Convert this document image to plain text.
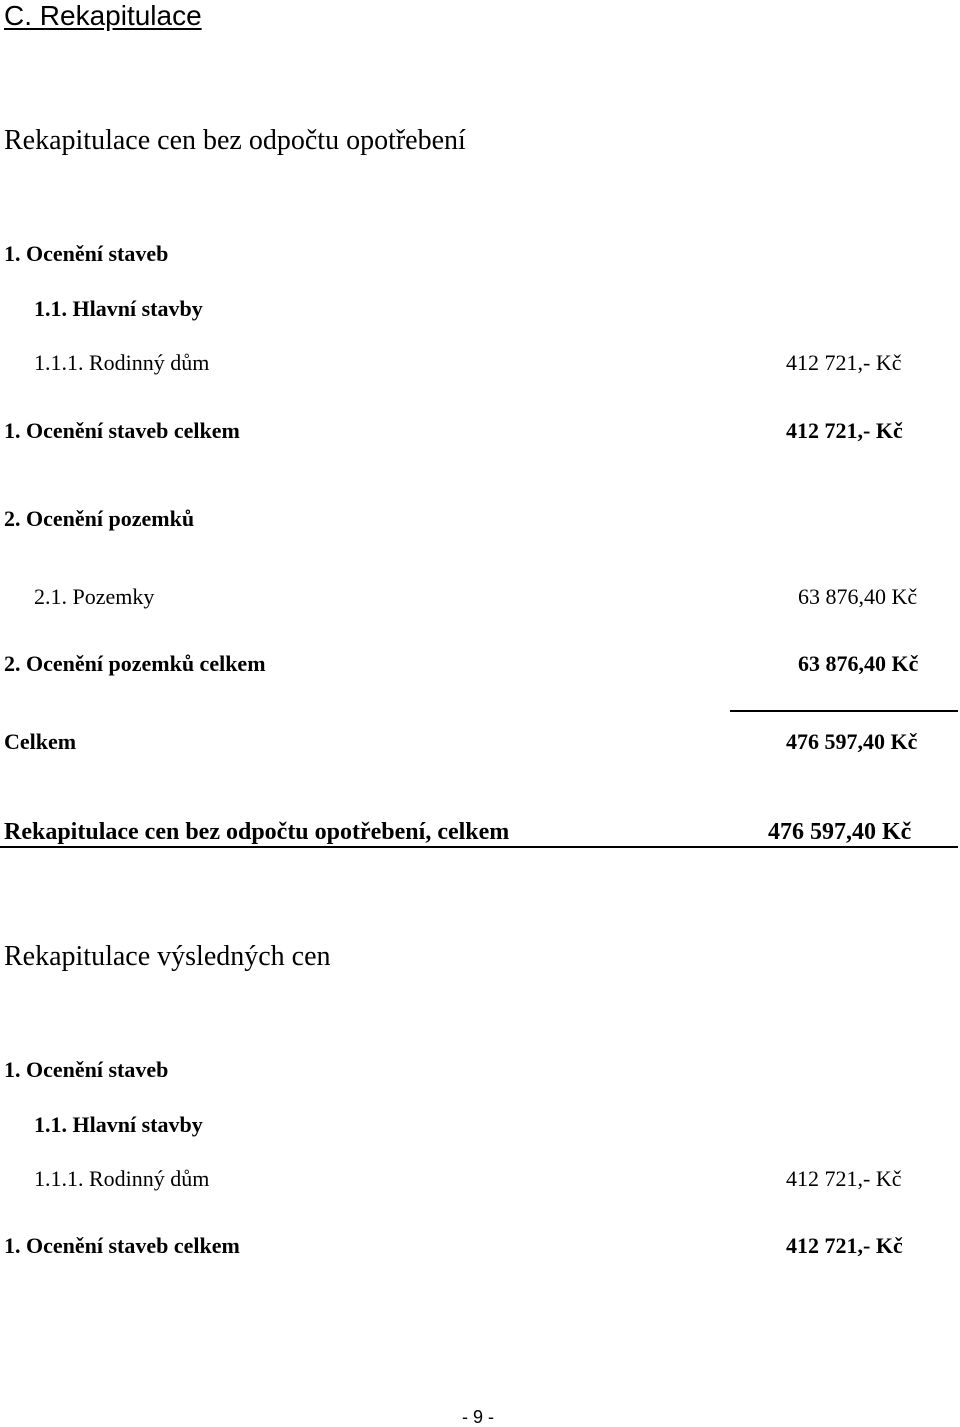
C. Rekapitulace
Rekapitulace cen bez odpočtu opotřebení
1. Ocenění staveb
1.1. Hlavní stavby
1.1.1. Rodinný dům	412 721,- Kč
1. Ocenění staveb celkem	412 721,- Kč
2. Ocenění pozemků
2.1. Pozemky	63 876,40 Kč
2. Ocenění pozemků celkem	63 876,40 Kč
Celkem	476 597,40 Kč
Rekapitulace cen bez odpočtu opotřebení, celkem	476 597,40 Kč
Rekapitulace výsledných cen
1. Ocenění staveb
1.1. Hlavní stavby
1.1.1. Rodinný dům	412 721,- Kč
1. Ocenění staveb celkem	412 721,- Kč
- 9 -
